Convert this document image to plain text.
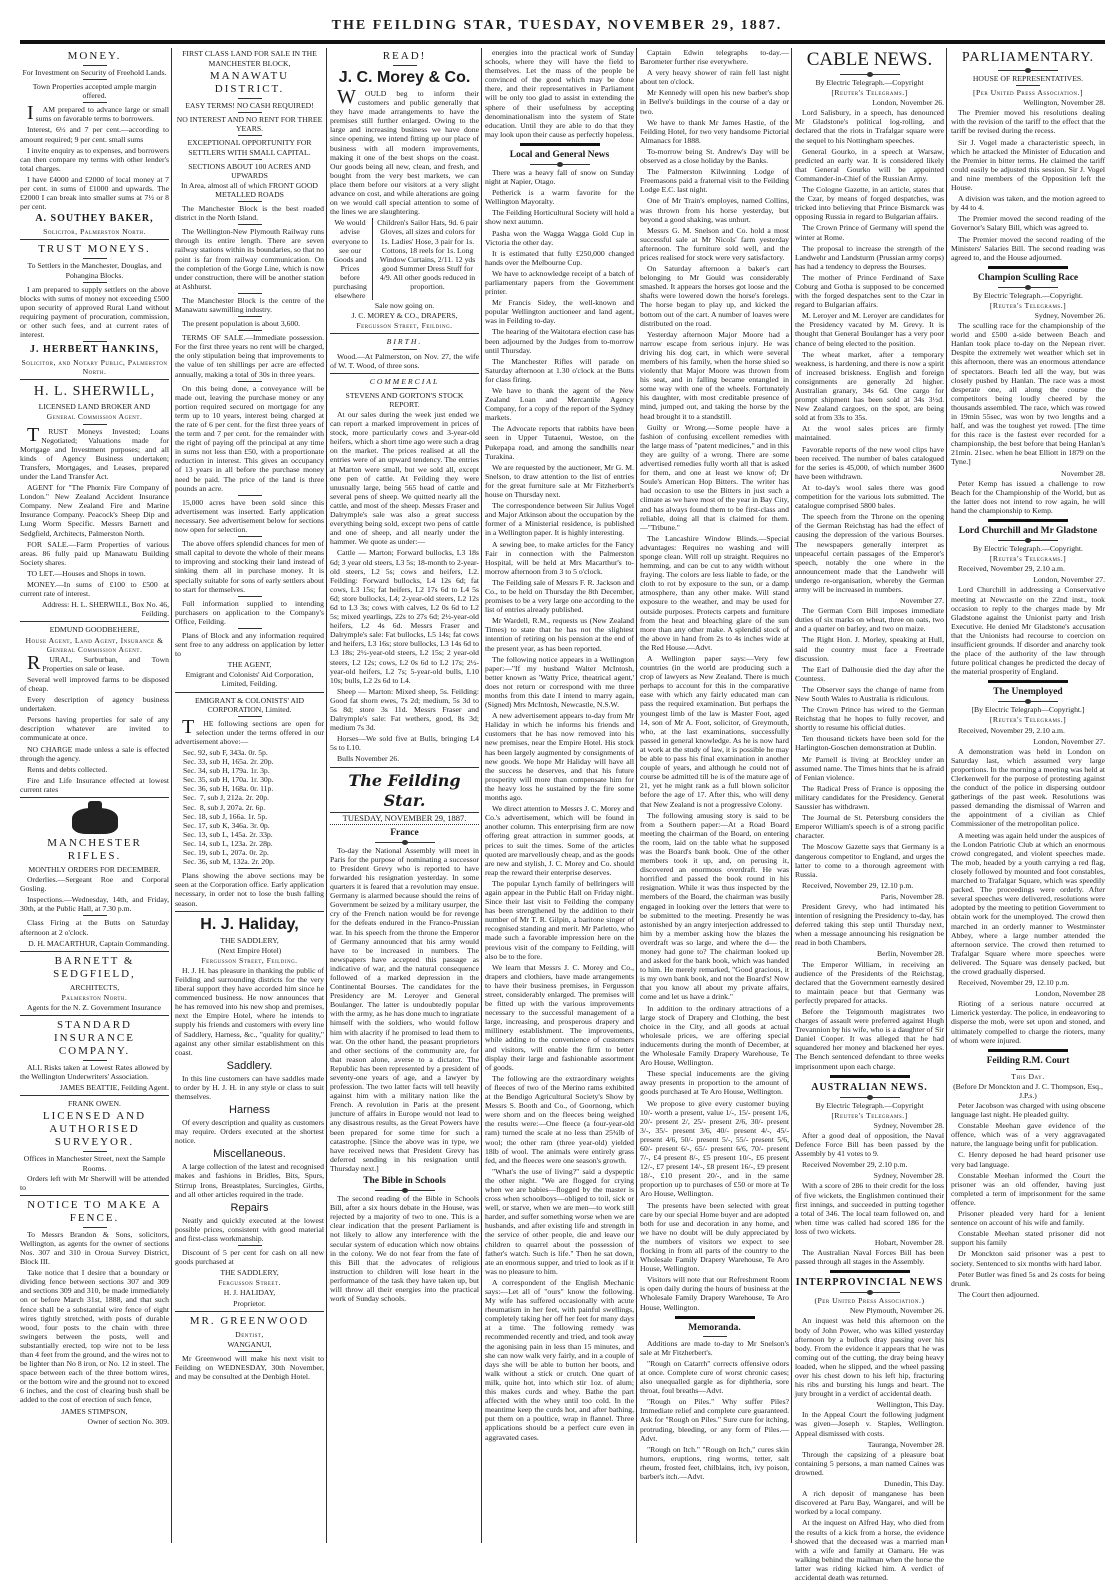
THE FEILDING STAR, TUESDAY, NOVEMBER 29, 1887.
MONEY.
For Investment on Security of Freehold Lands.
Town Properties accepted ample margin offered.
IAM prepared to advance large or small sums on favorable terms to borrowers.
Interest, 6½ and 7 per cent.—according to amount required; 9 per cent. small sums
I invite enquiry as to expenses, and borrowers can then compare my terms with other lender's total charges.
I have £4000 and £2000 of local money at 7 per cent. in sums of £1000 and upwards. The £2000 I can break into smaller sums at 7½ or 8 per cent.
A. SOUTHEY BAKER,
Solicitor, Palmerston North.
TRUST MONEYS.
To Settlers in the Manchester, Douglas, and Pohangina Blocks.
I am prepared to supply settlers on the above blocks with sums of money not exceeding £500 upon security of approved Rural Land without requiring payment of procuration, commission, or other such fees, and at current rates of interest.
J. HERBERT HANKINS,
Solicitor, and Notary Public, Palmerston North.
H. L. SHERWILL,
LICENSED LAND BROKER AND
General Commission Agent.
TRUST Moneys Invested; Loans Negotiated; Valuations made for Mortgage and Investment purposes; and all kinds of Agency Business undertaken; Transfers, Mortgages, and Leases, prepared under the Land Transfer Act.
AGENT for "The Phœnix Fire Company of London." New Zealand Accident Insurance Company. New Zealand Fire and Marine Insurance Company. Peacock's Sheep Dip and Lung Worm Specific. Messrs Barnett and Sedgfield, Architects, Palmerston North.
FOR SALE.—Farm Properties of various areas. 86 fully paid up Manawatu Building Society shares.
TO LET.—Houses and Shops in town.
MONEY.—In sums of £100 to £500 at current rate of interest.
Address: H. L. SHERWILL, Box No. 46, Feilding.
EDMUND GOODBEHERE,
House Agent, Land Agent, Insurance & General Commission Agent.
RURAL, Surburban, and Town Properties on sale or lease.
Several well improved farms to be disposed of cheap.
Every description of agency business undertaken.
Persons having properties for sale of any description whatever are invited to communicate at once.
NO CHARGE made unless a sale is effected through the agency.
Rents and debts collected.
Fire and Life Insurance effected at lowest current rates
MANCHESTER RIFLES.
MONTHLY ORDERS FOR DECEMBER.
Orderlies.—Sergeant Roe and Corporal Gosling.
Inspections.—Wednesday, 14th, and Friday, 30th, at the Public Hall, at 7.30 p.m.
Class Firing at the Butts on Saturday afternoon at 2 o'clock.
D. H. MACARTHUR, Captain Commanding.
BARNETT & SEDGFIELD,
ARCHITECTS,
Palmerston North.
Agents for the N. Z. Government Insurance
STANDARD INSURANCE COMPANY.
ALL Risks taken at Lowest Rates allowed by the Wellington Underwriters' Association.
JAMES BEATTIE, Feilding Agent.
FRANK OWEN.
LICENSED AND AUTHORISED SURVEYOR.
Offices in Manchester Street, next the Sample Rooms.
Orders left with Mr Sherwill will be attended to
NOTICE TO MAKE A FENCE.
To Messrs Brandon & Sons, solicitors, Wellington, as agents for the owner of sections Nos. 307 and 310 in Oroua Survey District, Block III.
Take notice that I desire that a boundary or dividing fence between sections 307 and 309 and sections 309 and 310, be made immediately on or before March 31st, 1888, and that such fence shall be a substantial wire fence of eight wires tightly stretched, with posts of durable wood, four posts to the chain with three swingers between the posts, well and substantially erected, top wire not to be less than 4 feet from the ground, and the wires not to be lighter than No 8 iron, or No. 12 in steel. The space between each of the three bottom wires, or the bottom wire and the ground not to exceed 6 inches, and the cost of clearing bush shall be added to the cost of erection of such fence,
JAMES STIMPSON,
Owner of section No. 309.
FIRST CLASS LAND FOR SALE IN THE
MANCHESTER BLOCK,
MANAWATU DISTRICT.
EASY TERMS! NO CASH REQUIRED!
NO INTEREST AND NO RENT FOR THREE YEARS.
EXCEPTIONAL OPPORTUNITY FOR SETTLERS WITH SMALL CAPITAL.
SECTIONS ABOUT 100 ACRES AND UPWARDS
In Area, almost all of which FRONT GOOD METALLED ROADS
The Manchester Block is the best roaded district in the North Island.
The Wellington-New Plymouth Railway runs through its entire length. There are seven railway stations within its boundaries, so that no point is far from railway communication. On the completion of the Gorge Line, which is now under construction, there will be another station at Ashhurst.
The Manchester Block is the centre of the Manawatu sawmilling industry.
The present population is about 3,600.
TERMS OF SALE.—Immediate possession. For the first three years no rent will be charged, the only stipulation being that improvements to the value of ten shillings per acre are effected annually, making a total of 30s in three years.
On this being done, a conveyance will be made out, leaving the purchase money or any portion required secured on mortgage for any term up to 10 years, interest being charged at the rate of 6 per cent. for the first three years of the term and 7 per cent. for the remainder with the right of paying off the principal at any time in sums not less than £50, with a proportionate reduction in interest. This gives an occupancy of 13 years in all before the purchase money need be paid. The price of the land is three pounds an acre.
15,000 acres have been sold since this advertisement was inserted. Early application necessary. See advertisement below for sections now open for selection.
The above offers splendid chances for men of small capital to devote the whole of their means to improving and stocking their land instead of sinking them all in purchase money. It is specially suitable for sons of early settlers about to start for themselves.
Full information supplied to intending purchasers on application to the Company's Office, Feilding.
Plans of Block and any information required sent free to any address on application by letter to
THE AGENT,
Emigrant and Colonists' Aid Corporation, Limited, Feilding.
EMIGRANT & COLONISTS' AID CORPORATION, Limited.
THE following sections are open for selection under the terms offered in our advertisement above:—
Sec. 92, sub F, 343a. 0r. 5p.
Sec. 33, sub H, 165a. 2r. 20p.
Sec. 34, sub H, 179a. 1r. 3p.
Sec. 35, sub H, 170a. 1r. 30p.
Sec. 36, sub H, 168a. 0r. 11p.
Sec.  7, sub J, 212a. 2r. 20p.
Sec.  8, sub J, 207a. 2r. 6p.
Sec. 18, sub J, 166a. 1r. 5p.
Sec. 17, sub K, 346a. 3r. 0p.
Sec. 13, sub L, 145a. 2r. 33p.
Sec. 14, sub L, 123a. 2r. 28p.
Sec. 19, sub L, 207a. 0r. 2p.
Sec. 36, sub M, 132a. 2r. 20p.
Plans showing the above sections may be seen at the Corporation office. Early application necessary, in order not to lose the bush falling season.
H. J. Haliday,
THE SADDLERY,
(Next Empire Hotel)
Fergusson Street, Feilding.
H. J. H. has pleasure in thanking the public of Feilding and surrounding districts for the very liberal support they have accorded him since he commenced business. He now announces that he has removed into his new shop and premises, next the Empire Hotel, where he intends to supply his friends and customers with every line of Saddlery, Harness, &c., "quality for quality," against any other similar establishment on this coast.
Saddlery.
In this line customers can have saddles made to order by H. J. H. in any style or class to suit themselves.
Harness
Of every description and quality as customers may require. Orders executed at the shortest notice.
Miscellaneous.
A large collection of the latest and recognised makes and fashions in Bridles, Bits, Spurs, Stirrup Irons, Breastplates, Surcingles, Girths, and all other articles required in the trade.
Repairs
Neatly and quickly executed at the lowest possible prices, consistent with good material and first-class workmanship.
Discount of 5 per cent for cash on all new goods purchased at
THE SADDLERY,
Fergusson Street.
H. J. HALIDAY,
Proprietor.
MR. GREENWOOD
Dentist,
WANGANUI,
Mr Greenwood will make his next visit to Feilding on WEDNESDAY, 30th November, and may be consulted at the Denbigh Hotel.
READ!
J. C. Morey & Co.
WOULD beg to inform their customers and public generally that they have made arrangements to have the premises still further enlarged. Owing to the large and increasing business we have done since opening, we intend fitting up our place of business with all modern improvements, making it one of the best shops on the coast. Our goods being all new, clean, and fresh, and bought from the very best markets, we can place them before our visitors at a very slight advance on cost, and while alterations are going on we would call special attention to some of the lines we are slaughtering.
We would advise everyone to see our Goods and Prices before purchasing elsewhere
Children's Sailor Hats, 9d. 6 pair Gloves, all sizes and colors for 1s. Ladies' Hose, 3 pair for 1s. Cottons, 18 reels for 1s. Long Window Curtains, 2/11. 12 yds good Summer Dress Stuff for 4/9. All other goods reduced in proportion.
Sale now going on.
J. C. MOREY & CO., DRAPERS,
Fergusson Street, Feilding.
BIRTH.
Wood.—At Palmerston, on Nov. 27, the wife of W. T. Wood, of three sons.
COMMERCIAL
STEVENS AND GORTON'S STOCK REPORT.
At our sales during the week just ended we can report a marked improvement in prices of stock, more particularly cows and 3-year-old heifers, which a short time ago were such a drag on the market. The prices realised at all the entries were of an upward tendency. The entries at Marton were small, but we sold all, except one pen of cattle. At Feilding they were unusually large, being 565 head of cattle and several pens of sheep. We quitted nearly all the cattle, and most of the sheep. Messrs Fraser and Dalrymple's sale was also a great success everything being sold, except two pens of cattle and one of sheep, and all nearly under the hammer. We quote as under:—
Cattle — Marton; Forward bullocks, L3 18s 6d; 3 year old steers, L3 5s; 18-month to 2-year-old steers, L2 5s; cows and heifers, L2. Feilding: Forward bullocks, L4 12s 6d; fat cows, L3 15s; fat heifers, L2 17s 6d to L4 5s 6d; store bullocks, L4; 2-year-old steers, L2 12s 6d to L3 3s; cows with calves, L2 0s 6d to L2 5s; mixed yearlings, 22s to 27s 6d; 2½-year-old heifers, L2 4s 6d. Messrs Fraser and Dalrymple's sale: Fat bullocks, L5 14s; fat cows and heifers, L3 16s; store bullocks, L3 14s 6d to L3 18s; 2½-year-old steers, L2 15s; 2 year-old steers, L2 12s; cows, L2 0s 6d to L2 17s; 2½-year-old heifers, L2 7s; 5-year-old bulls, L10 10s; bulls, L2 2s 6d to L4.
Sheep — Marton: Mixed sheep, 5s. Feilding: Good fat shorn ewes, 7s 2d; medium, 5s 3d to 5s 8d; store 3s 11d. Messrs Fraser and Dalrymple's sale: Fat wethers, good, 8s 3d; medium 7s 3d.
Horses—We sold five at Bulls, bringing L4 5s to L10.
Bulls November 26.
The Feilding Star.
TUESDAY, NOVEMBER 29, 1887.
France
To-day the National Assembly will meet in Paris for the purpose of nominating a successor to President Grevy who is reported to have forwarded his resignation yesterday. In some quarters it is feared that a revolution may ensue. Germany is alarmed because should the reins of Government be seized by a military usurper, the cry of the French nation would be for revenge for the defeats endured in the Franco-Prussian war. In his speech from the throne the Emperor of Germany announced that his army would have to be increased in numbers. The newspapers have accepted this passage as indicative of war, and the natural consequence followed of a marked depression in the Continental Bourses. The candidates for the Presidency are M. Leroyer and General Boulanger. The latter is undoubtedly popular with the army, as he has done much to ingratiate himself with the soldiers, who would follow him with alacrity if he promised to lead them to war. On the other hand, the peasant proprietors and other sections of the community are, for that reason alone, averse to a dictator. The Republic has been represented by a president of seventy-one years of age, and a lawyer by profession. The two latter facts will tell heavily against him with a military nation like the French. A revolution in Paris at the present juncture of affairs in Europe would not lead to any disastrous results, as the Great Powers have been prepared for some time for such a catastrophe. [Since the above was in type, we have received news that President Grevy has deferred sending in his resignation until Thursday next.]
The Bible in Schools
The second reading of the Bible in Schools Bill, after a six hours debate in the House, was rejected by a majority of two to one. This is a clear indication that the present Parliament is not likely to allow any interference with the secular system of education which now obtains in the colony. We do not fear from the fate of this Bill that the advocates of religious instruction to children will lose heart in the performance of the task they have taken up, but will throw all their energies into the practical work of Sunday schools.
energies into the practical work of Sunday schools, where they will have the field to themselves. Let the mass of the people be convinced of the good which may be done there, and their representatives in Parliament will be only too glad to assist in extending the sphere of their usefulness by accepting denominationalism into the system of State education. Until they are able to do that they may look upon their cause as perfectly hopeless.
Local and General News
There was a heavy fall of snow on Sunday night at Napier, Otago.
Petherick is a warm favorite for the Wellington Mayoralty.
The Feilding Horticultural Society will hold a show next autumn.
Pasha won the Wagga Wagga Gold Cup in Victoria the other day.
It is estimated that fully £250,000 changed hands over the Melbourne Cup.
We have to acknowledge receipt of a batch of parliamentary papers from the Government printer.
Mr Francis Sidey, the well-known and popular Wellington auctioneer and land agent, was in Feilding to-day.
The hearing of the Waitotara election case has been adjourned by the Judges from to-morrow until Thursday.
The Manchester Rifles will parade on Saturday afternoon at 1.30 o'clock at the Butts for class firing.
We have to thank the agent of the New Zealand Loan and Mercantile Agency Company, for a copy of the report of the Sydney markets.
The Advocate reports that rabbits have been seen in Upper Tutaenui, Westoe, on the Pukepapa road, and among the sandhills near Turakina.
We are requested by the auctioneer, Mr G. M. Snelson, to draw attention to the list of entries for the great furniture sale at Mr Fitzherbert's house on Thursday next.
The correspondence between Sir Julius Vogel and Major Atkinson about the occupation by the former of a Ministerial residence, is published in a Wellington paper. It is highly interesting.
A sewing bee, to make articles for the Fancy Fair in connection with the Palmerston Hospital, will be held at Mrs Macarthur's to-morrow afternoon from 3 to 5 o'clock.
The Feilding sale of Messrs F. R. Jackson and Co., to be held on Thursday the 8th December, promises to be a very large one according to the list of entries already published.
Mr Wardell, R.M., requests us (New Zealand Times) to state that he has not the slightest intention of retiring on his pension at the end of the present year, as has been reported.
The following notice appears in a Wellington paper:—"If my husband Walter McIntosh, better known as 'Watty Price, theatrical agent,' does not return or correspond with me three months from this date I intend to marry again, (Signed) Mrs McIntosh, Newcastle, N.S.W.
A new advertisement appears to-day from Mr Haliday in which he informs his friends and customers that he has now removed into his new premises, near the Empire Hotel. His stock has been largely augmented by consignments of new goods. We hope Mr Haliday will have all the success he deserves, and that his future prosperity will more than compensate him for the heavy loss he sustained by the fire some months ago.
We direct attention to Messrs J. C. Morey and Co.'s advertisement, which will be found in another column. This enterprising firm are now offering great attraction in summer goods, at prices to suit the times. Some of the articles quoted are marvellously cheap, and as the goods are new and stylish, J. C. Morey and Co. should reap the reward their enterprise deserves.
The popular Lynch family of bellringers will again appear in the Public Hall on Friday night. Since their last visit to Feilding the company has been strengthened by the addition to their number of Mr T. R. Gilpin, a baritone singer of recognised standing and merit. Mr Parletto, who made such a favorable impression here on the previous visit of the company to Feilding, will also be to the fore.
We learn that Messrs J. C. Morey and Co., drapers and clothiers, have made arrangements to have their business premises, in Fergusson street, considerably enlarged. The premises will be fitted up with the various improvements necessary to the successful management of a large, increasing, and prosperous drapery and millinery establishment. The improvements, while adding to the convenience of customers and visitors, will enable the firm to better display their large and fashionable assortment of goods.
The following are the extraordinary weights of fleeces of two of the Merino rams exhibited at the Bendigo Agricultural Society's Show by Messrs S. Booth and Co., of Goornong, which were shorn and on the fleeces being weighed the results were:—One fleece (a four-year-old ram) turned the scale at no less than 25¾lb of wool; the other ram (three year-old) yielded 18lb of wool. The animals were entirely grass fed, and the fleeces were one season's growth.
"What's the use of living?" said a dyspeptic the other night. "We are flogged for crying when we are babies—flogged by the master is cross when schoolboys—obliged to toil, sick or well, or starve, when we are men—to work still harder, and suffer something worse when we are husbands, and after existing life and strength in the service of other people, die and leave our children to quarrel about the possession of father's watch. Such is life." Then he sat down, ate an enormous supper, and tried to look as if it was no pleasure to him.
A correspondent of the English Mechanic says:—Let all of "ours" know the following. My wife has suffered occasionally with acute rheumatism in her feet, with painful swellings, completely taking her off her feet for many days at a time. The following remedy was recommended recently and tried, and took away the agonising pain in less than 15 minutes, and she can now walk very fairly, and in a couple of days she will be able to button her boots, and walk without a stick or crutch. One quart of milk, quite hot, into which stir 1oz. of alum; this makes curds and whey. Bathe the part affected with the whey until too cold. In the meantime keep the curds hot, and after bathing, put them on a poultice, wrap in flannel. Three applications should be a perfect cure even in aggravated cases.
Captain Edwin telegraphs to-day.—Barometer further rise everywhere.
A very heavy shower of rain fell last night about ten o'clock.
Mr Kennedy will open his new barber's shop in Bellve's buildings in the course of a day or two.
We have to thank Mr James Hastie, of the Feilding Hotel, for two very handsome Pictorial Almanacs for 1888.
To-morrow being St. Andrew's Day will be observed as a close holiday by the Banks.
The Palmerston Kilwinning Lodge of Freemasons paid a fraternal visit to the Feilding Lodge E.C. last night.
One of Mr Train's employes, named Collins, was thrown from his horse yesterday, but beyond a good shaking, was unhurt.
Messrs G. M. Snelson and Co. hold a most successful sale at Mr Nicols' farm yesterday afternoon. The furniture sold well, and the prices realised for stock were very satisfactory.
On Saturday afternoon a baker's cart belonging to Mr Gould was considerably smashed. It appears the horses got loose and the shafts were lowered down the horse's forelegs. The horse began to play up, and kicked the bottom out of the cart. A number of loaves were distributed on the road.
Yesterday afternoon Major Moore had a narrow escape from serious injury. He was driving his dog cart, in which were several members of his family, when the horse shied so violently that Major Moore was thrown from his seat, and in falling became entangled in some way with one of the wheels. Fortunately his daughter, with most creditable presence of mind, jumped out, and taking the horse by the head brought it to a standstill.
Guilty or Wrong.—Some people have a fashion of confusing excellent remedies with the large mass of "patent medicines," and in this they are guilty of a wrong. There are some advertised remedies fully worth all that is asked for them, and one at least we know of; Dr Soule's American Hop Bitters. The writer has had occasion to use the Bitters in just such a climate as we have most of the year in Bay City, and has always found them to be first-class and reliable, doing all that is claimed for them.—"Tribune."
The Lancashire Window Blinds.—Special advantages: Requires no washing and will sponge clean. Will roll up straight. Requires no hemming, and can be cut to any width without fraying. The colors are less liable to fade, or the cloth to rot by exposure to the sun, or a damp atmosphere, than any other make. Will stand exposure to the weather, and may be used for outside purposes. Protects carpets and furniture from the heat and bleaching glare of the sun more than any other make. A splendid stock of the above in hand from 2s to 4s inches wide at the Red House.—Advt.
A Wellington paper says:—Very few countries (in the world are producing such a crop of lawyers as New Zealand. There is much perhaps to account for this in the comparative ease with which any fairly educated man can pass the required examination. But perhaps the youngest limb of the law is Master Foot, aged 14, son of Mr A. Foot, solicitor, of Greymouth, who, at the last examinations, successfully passed in general knowledge. As he is now hard at work at the study of law, it is possible he may be able to pass his final examination in another couple of years, and although he could not of course be admitted till he is of the mature age of 21, yet he might rank as a full blown solicitor before the age of 17. After this, who will deny that New Zealand is not a progressive Colony.
The following amusing story is said to be from a Southern paper:—At a Road Board meeting the chairman of the Board, on entering the room, laid on the table what he supposed was the Board's bank book. One of the other members took it up, and, on perusing it, discovered an enormous overdraft. He was horrified and passed the book round in his resignation. While it was thus inspected by the members of the Board, the chairman was busily engaged in looking over the letters that were to be submitted to the meeting. Presently he was astonished by an angry interjection addressed to him by a member asking how the blazes the overdraft was so large, and where the d— the money had gone to? The chairman looked up and asked for the bank book, which was handed to him. He merely remarked, "Good gracious, it is my own bank book, and not the Board's! Now that you know all about my private affairs, come and let us have a drink."
In addition to the ordinary attractions of a large stock of Drapery and Clothing, the best choice in the City, and all goods at actual wholesale prices, we are offering special inducements during the month of December, at the Wholesale Family Drapery Warehouse, Te Aro House, Wellington.
These special inducements are the giving away presents in proportion to the amount of goods purchased at Te Aro House, Wellington.
We propose to give every customer buying 10/- worth a present, value 1/-, 15/- present 1/6, 20/- present 2/, 25/- present 2/6, 30/- present 3/-, 35/- present 3/6, 40/- present 4/-, 45/- present 4/6, 50/- present 5/-, 55/- present 5/6, 60/- present 6/-, 65/- present 6/6, 70/- present 7/-, £4 present 8/-, £5 present 10/-, £6 present 12/-, £7 present 14/-, £8 present 16/-, £9 present 18/-, £10 present 20/-, and in the same proportion up to purchases of £50 or more at Te Aro House, Wellington.
The presents have been selected with great care by our special Home buyer and are adopted both for use and decoration in any home, and we have no doubt will be duly appreciated by the numbers of visitors we expect to see flocking in from all parts of the country to the Wholesale Family Drapery Warehouse, Te Aro House, Wellington.
Visitors will note that our Refreshment Room is open daily during the hours of business at the Wholesale Family Drapery Warehouse, Te Aro House, Wellington.
Memoranda.
Additions are made to-day to Mr Snelson's sale at Mr Fitzherbert's.
"Rough on Catarrh" corrects offensive odors at once. Complete cure of worst chronic cases; also unequalled gargle as for diphtheria, sore throat, foul breaths—Advt.
"Rough on Piles." Why suffer Piles? Immediate relief and complete cure guaranteed. Ask for "Rough on Piles." Sure cure for itching, protruding, bleeding, or any form of Piles.—Advt.
"Rough on Itch." "Rough on Itch," cures skin humors, eruptions, ring worms, tetter, salt rheum, frosted feet, chilblains, itch, ivy poison, barber's itch.—Advt.
CABLE NEWS.
By Electric Telegraph.—Copyright
[Reuter's Telegrams.]
London, November 26.
Lord Salisbury, in a speech, has denounced Mr Gladstone's political log-rolling, and declared that the riots in Trafalgar square were the sequel to his Nottingham speeches.
General Gourko, in a speech at Warsaw, predicted an early war. It is considered likely that General Gourko will be appointed Commander-in-Chief of the Russian Army.
The Cologne Gazette, in an article, states that the Czar, by means of forged despatches, was tricked into believing that Prince Bismarck was opposing Russia in regard to Bulgarian affairs.
The Crown Prince of Germany will spend the winter at Rome.
The proposal to increase the strength of the Landwehr and Landsturm (Prussian army corps) has had a tendency to depress the Bourses.
The mother of Prince Ferdinand of Saxe Coburg and Gotha is supposed to be concerned with the forged despatches sent to the Czar in regard to Bulgarian affairs.
M. Leroyer and M. Leroyer are candidates for the Presidency vacated by M. Grevy. It is thought that General Boulanger has a very poor chance of being elected to the position.
The wheat market, after a temporary weakness, is hardening, and there is now a spirit of increased briskness. English and foreign consignments are generally 2d higher. Australian granary, 34s 6d. One cargo for prompt shipment has been sold at 34s 3½d. New Zealand cargoes, on the spot, are being sold at from 33s to 35s.
At the wool sales prices are firmly maintained.
Favorable reports of the new wool clips have been received. The number of bales catalogued for the series is 45,000, of which number 3600 have been withdrawn.
At to-day's wool sales there was good competition for the various lots submitted. The catalogue comprised 5800 bales.
The speech from the Throne on the opening of the German Reichstag has had the effect of causing the depression of the various Bourses. The newspapers generally interpret as unpeaceful certain passages of the Emperor's speech, notably the one where in the announcement made that the Landwehr will undergo re-organisation, whereby the German army will be increased in numbers.
November 27.
The German Corn Bill imposes immediate duties of six marks on wheat, three on oats, two and a quarter on barley, and two on maize.
The Right Hon. J. Morley, speaking at Hull, said the country must face a Freetrade discussion.
The Earl of Dalhousie died the day after the Countess.
The Observer says the change of name from New South Wales to Australia is ridiculous.
The Crown Prince has wired to the German Reichstag that he hopes to fully recover, and shortly to resume his official duties.
Ten thousand tickets have been sold for the Harlington-Goschen demonstration at Dublin.
Mr Parnell is living at Brockley under an assumed name. The Times hints that he is afraid of Fenian violence.
The Radical Press of France is opposing the military candidates for the Presidency. General Saussier has withdrawn.
The Journal de St. Petersburg considers the Emperor William's speech is of a strong pacific character.
The Moscow Gazette says that Germany is a dangerous competitor to England, and urges the latter to come to a thorough agreement with Russia.
Received, November 29, 12.10 p.m.
Paris, November 28.
President Grevy, who had intimated his intention of resigning the Presidency to-day, has deferred taking this step until Thursday next, when a message announcing his resignation be read in both Chambers.
Berlin, November 28.
The Emperor William, in receiving an audience of the Presidents of the Reichstag, declared that the Government earnestly desired to maintain peace but that Germany was perfectly prepared for attacks.
Before the Teignmouth magistrates two charges of assault were preferred against Hugh Trevannion by his wife, who is a daughter of Sir Daniel Cooper. It was alleged that he had squandered her money and blackened her eyes. The Bench sentenced defendant to three weeks imprisonment upon each charge.
AUSTRALIAN NEWS.
By Electric Telegraph.—Copyright
[Reuter's Telegrams.]
Sydney, November 28.
After a good deal of opposition, the Naval Defence Force Bill has been passed by the Assembly by 41 votes to 9.
Received November 29, 2.10 p.m.
Sydney, November 28.
With a score of 286 to their credit for the loss of five wickets, the Englishmen continued their first innings, and succeeded in putting together a total of 346. The local team followed on, and when time was called had scored 186 for the loss of two wickets.
Hobart, November 28.
The Australian Naval Forces Bill has been passed through all stages in the Assembly.
INTERPROVINCIAL NEWS
(Per United Press Association.)
New Plymouth, November 26.
An inquest was held this afternoon on the body of John Power, who was killed yesterday afternoon by a bullock dray passing over his body. From the evidence it appears that he was coming out of the cutting, the dray being heavy loaded, when he slipped, and the wheel passing over his chest down to his left hip, fracturing his ribs and bursting his lungs and heart. The jury brought in a verdict of accidental death.
Wellington, This Day.
In the Appeal Court the following judgment was given—Joseph v. Staples, Wellington. Appeal dismissed with costs.
Tauranga, November 28.
Through the capsizing of a pleasure boat containing 5 persons, a man named Caines was drowned.
Dunedin, This Day.
A rich deposit of manganese has been discovered at Paru Bay, Wangarei, and will be worked by a local company.
At the inquest on Alfred Hay, who died from the results of a kick from a horse, the evidence showed that the deceased was a married man with a wife and family at Oamaru. He was walking behind the mailman when the horse the latter was riding kicked him. A verdict of accidental death was returned.
PARLIAMENTARY.
HOUSE OF REPRESENTATIVES.
[Per United Press Association.]
Wellington, November 28.
The Premier moved his resolutions dealing with the revision of the tariff to the effect that the tariff be revised during the recess.
Sir J. Vogel made a characteristic speech, in which he attacked the Minister of Education and the Premier in bitter terms. He claimed the tariff could easily be adjusted this session. Sir J. Vogel and nine members of the Opposition left the House.
A division was taken, and the motion agreed to by 44 to 4.
The Premier moved the second reading of the Governor's Salary Bill, which was agreed to.
The Premier moved the second reading of the Ministers' Salaries Bill. The second reading was agreed to, and the House adjourned.
Champion Sculling Race
By Electric Telegraph.—Copyright.
[Reuter's Telegrams.]
Sydney, November 26.
The sculling race for the championship of the world and £500 a-side between Beach and Hanlan took place to-day on the Nepean river. Despite the extremely wet weather which set in this afternoon, there was an enormous attendance of spectators. Beach led all the way, but was closely pushed by Hanlan. The race was a most desperate one, all along the course the competitors being loudly cheered by the thousands assembled. The race, which was rowed in 19min 55sec, was won by two lengths and a half, and was the toughest yet rowed. [The time for this race is the fastest ever recorded for a championship, the best before that being Hanlan's 21min. 21sec. when he beat Elliott in 1879 on the Tyne.]
November 28.
Peter Kemp has issued a challenge to row Beach for the Championship of the World, but as the latter does not intend to row again, he will hand the championship to Kemp.
Lord Churchill and Mr Gladstone
By Electric Telegraph.—Copyright.
[Reuter's Telegrams.]
Received, November 29, 2.10 a.m.
London, November 27.
Lord Churchill in addressing a Conservative meeting at Newcastle on the 22nd inst., took occasion to reply to the charges made by Mr Gladstone against the Unionist party and Irish Executive. He denied Mr Gladstone's accusation that the Unionists had recourse to coercion on insufficient grounds. If disorder and anarchy took the place of the authority of the law through future political changes he predicted the decay of the material prosperity of England.
The Unemployed
[By Electric Telegraph—Copyright.]
[Reuter's Telegrams.]
Received, November 29, 2.10 a.m.
London, November 27.
A demonstration was held in London on Saturday last, which assumed very large proportions. In the morning a meeting was held at Clerkenwell for the purpose of protesting against the conduct of the police in dispersing outdoor gatherings of the past week. Resolutions was passed demanding the dismissal of Warren and the appointment of a civilian as Chief Commissioner of the metropolitan police.
A meeting was again held under the auspices of the London Patriotic Club at which an enormous crowd congregated, and violent speeches made. The mob, headed by a youth carrying a red flag, closely followed by mounted and foot constables, marched to Trafalgar Square, which was speedily packed. The proceedings were orderly. After several speeches were delivered, resolutions were adopted by the meeting to petition Government to obtain work for the unemployed. The crowd then marched in an orderly manner to Westminster Abbey, where a large number attended the afternoon service. The crowd then returned to Trafalgar Square where more speeches were delivered. The Square was densely packed, but the crowd gradually dispersed.
Received, November 29, 12.10 p.m.
London, November 28
Rioting of a serious nature occurred at Limerick yesterday. The police, in endeavoring to disperse the mob, were set upon and stoned, and ultimately compelled to charge the rioters, many of whom were injured.
Feilding R.M. Court
This Day.
(Before Dr Monckton and J. C. Thompson, Esq., J.P.s.)
Peter Jacobson was charged with using obscene language last night. He pleaded guilty.
Constable Meehan gave evidence of the offence, which was of a very aggravagated nature, the language being unfit for publication.
C. Henry deposed he had heard prisoner use very bad language.
Constable Meehan informed the Court the prisoner was an old offender, having just completed a term of imprisonment for the same offence.
Prisoner pleaded very hard for a lenient sentence on account of his wife and family.
Constable Meehan stated prisoner did not support his family
Dr Monckton said prisoner was a pest to society. Sentenced to six months with hard labor.
Peter Butler was fined 5s and 2s costs for being drunk.
The Court then adjourned.
